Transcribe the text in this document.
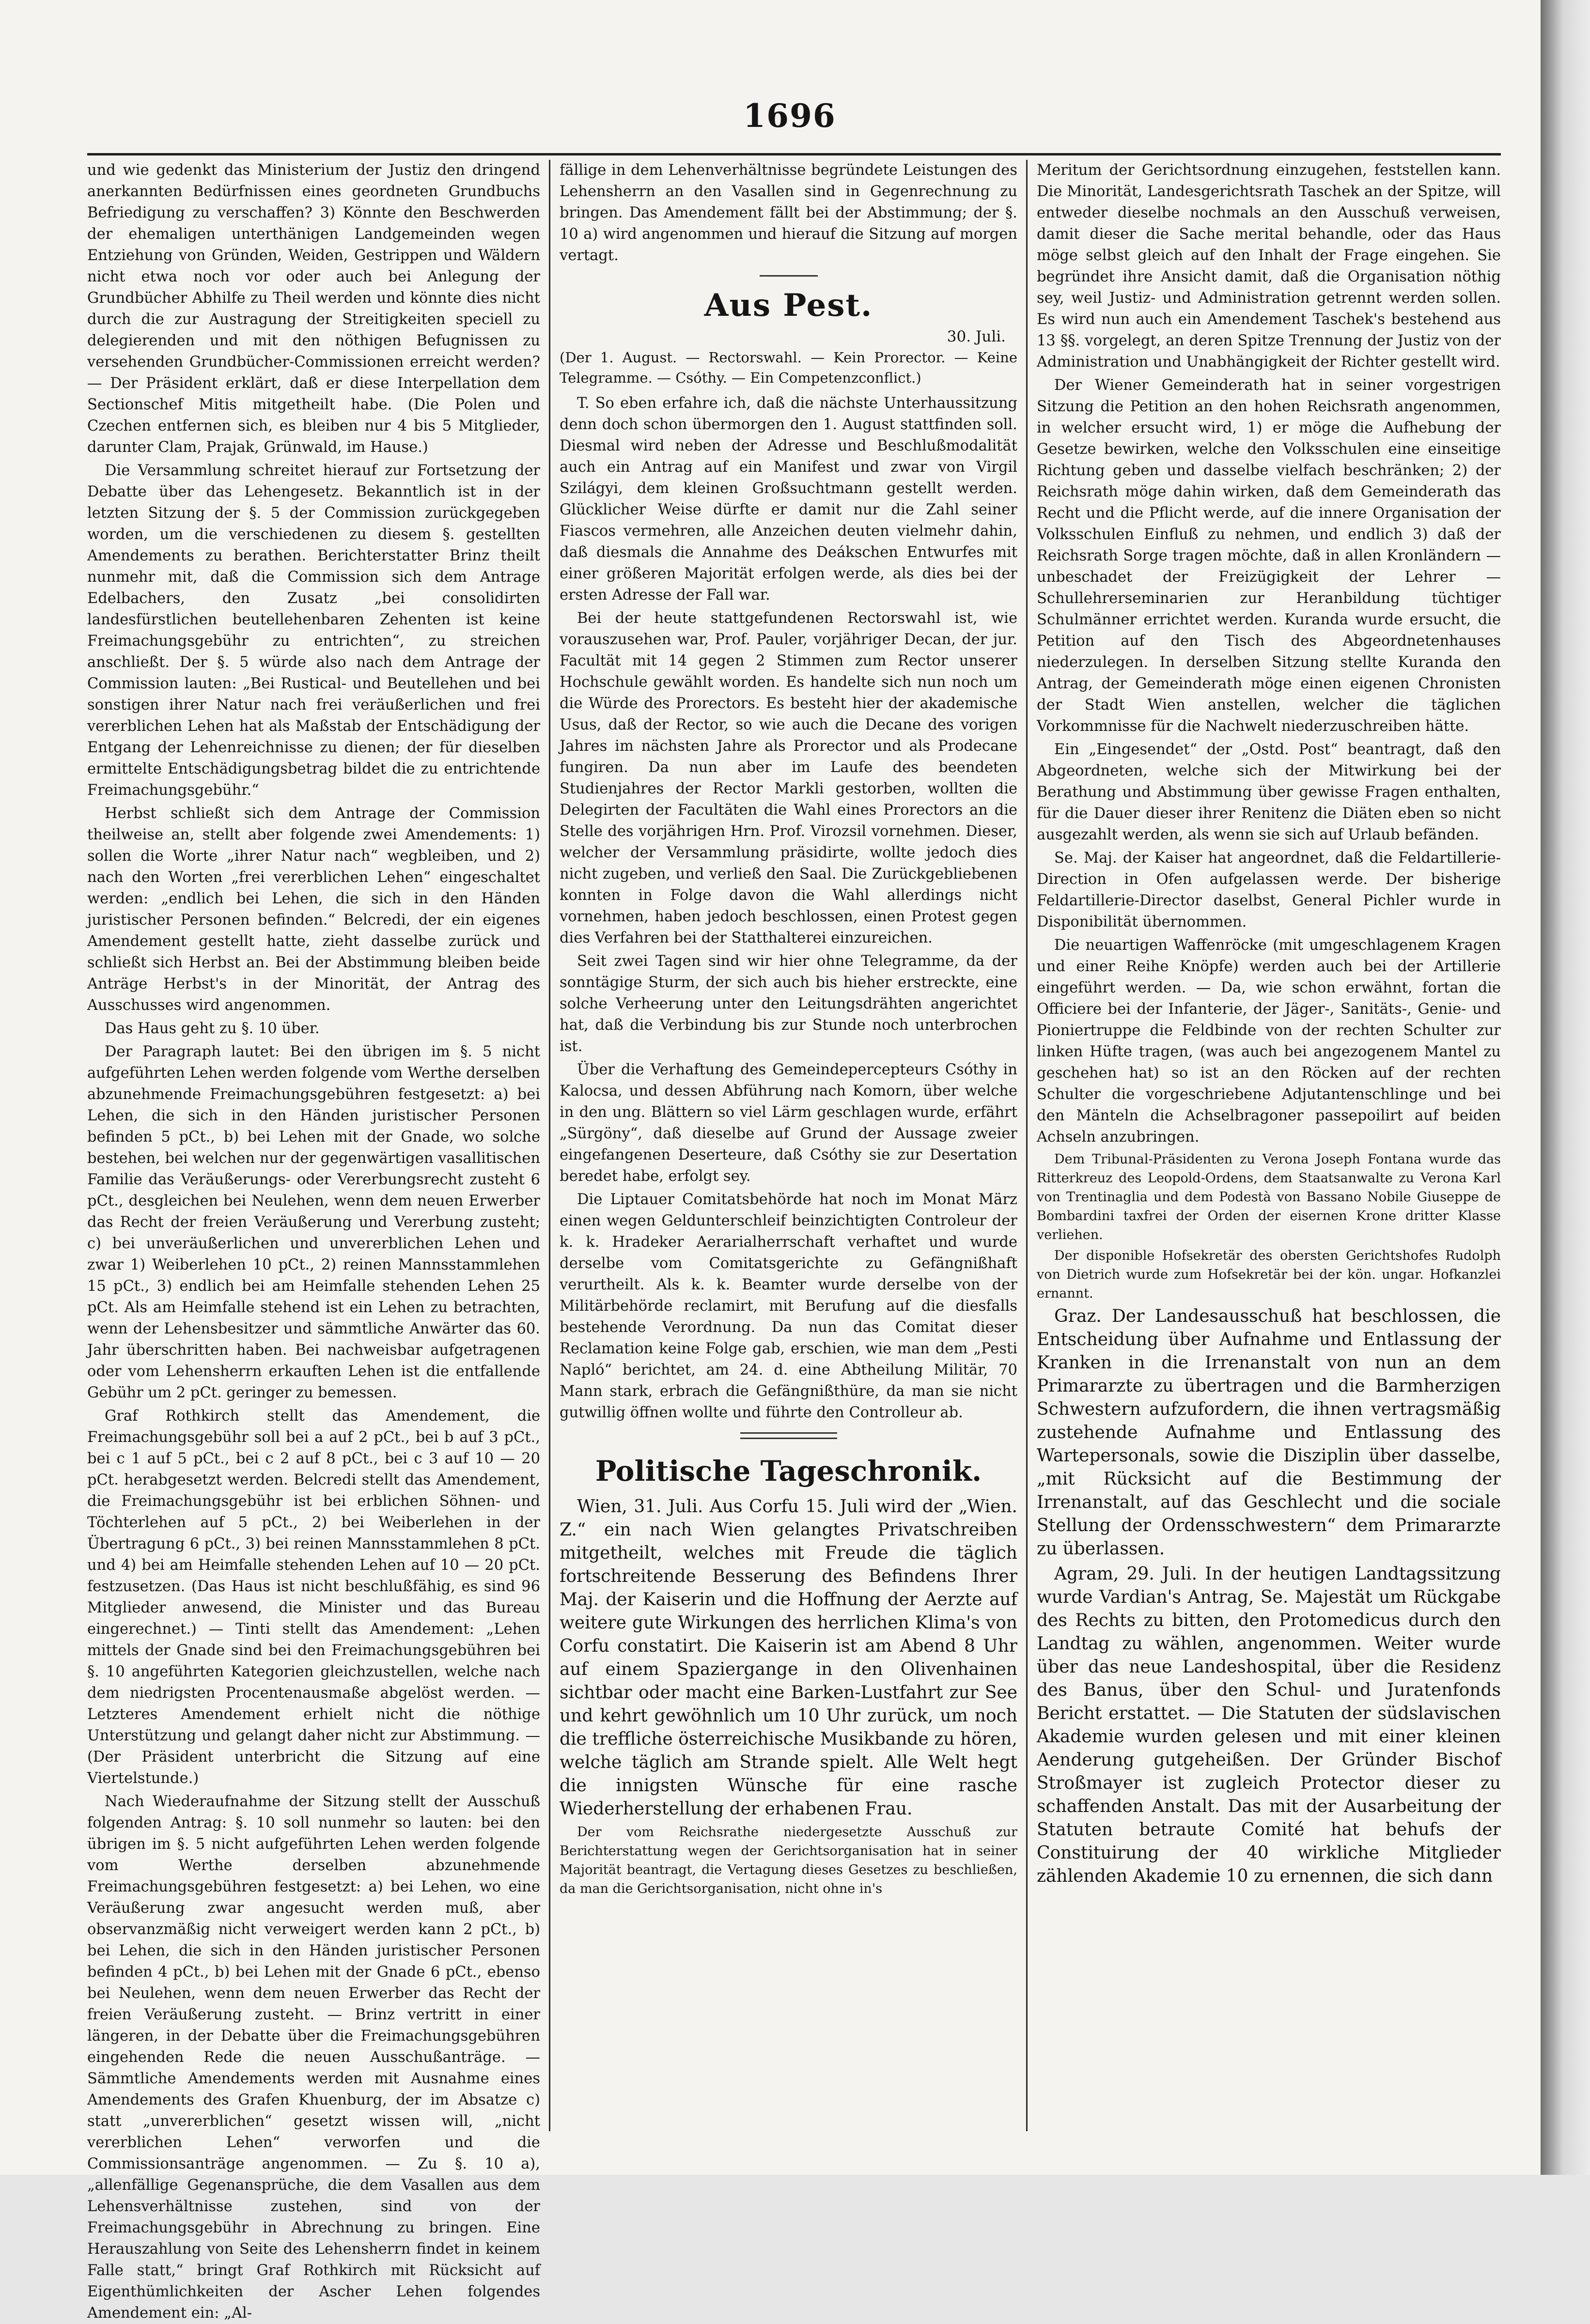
1696

und wie gedenkt das Ministerium der Justiz den dringend anerkannten Bedürfnissen eines geordneten Grundbuchs Befriedigung zu verschaffen? 3) Könnte den Beschwerden der ehemaligen unterthänigen Landgemeinden wegen Entziehung von Gründen, Weiden, Gestrippen und Wäldern nicht etwa noch vor oder auch bei Anlegung der Grundbücher Abhilfe zu Theil werden und könnte dies nicht durch die zur Austragung der Streitigkeiten speciell zu delegierenden und mit den nöthigen Befugnissen zu versehenden Grundbücher-Commissionen erreicht werden? — Der Präsident erklärt, daß er diese Interpellation dem Sectionschef Mitis mitgetheilt habe. (Die Polen und Czechen entfernen sich, es bleiben nur 4 bis 5 Mitglieder, darunter Clam, Prajak, Grünwald, im Hause.)

Die Versammlung schreitet hierauf zur Fortsetzung der Debatte über das Lehengesetz. Bekanntlich ist in der letzten Sitzung der §. 5 der Commission zurückgegeben worden, um die verschiedenen zu diesem §. gestellten Amendements zu berathen. Berichterstatter Brinz theilt nunmehr mit, daß die Commission sich dem Antrage Edelbachers, den Zusatz „bei consolidirten landesfürstlichen beutellehenbaren Zehenten ist keine Freimachungsgebühr zu entrichten“, zu streichen anschließt. Der §. 5 würde also nach dem Antrage der Commission lauten: „Bei Rustical- und Beutellehen und bei sonstigen ihrer Natur nach frei veräußerlichen und frei vererblichen Lehen hat als Maßstab der Entschädigung der Entgang der Lehenreichnisse zu dienen; der für dieselben ermittelte Entschädigungsbetrag bildet die zu entrichtende Freimachungsgebühr.“

Herbst schließt sich dem Antrage der Commission theilweise an, stellt aber folgende zwei Amendements: 1) sollen die Worte „ihrer Natur nach“ wegbleiben, und 2) nach den Worten „frei vererblichen Lehen“ eingeschaltet werden: „endlich bei Lehen, die sich in den Händen juristischer Personen befinden.“ Belcredi, der ein eigenes Amendement gestellt hatte, zieht dasselbe zurück und schließt sich Herbst an. Bei der Abstimmung bleiben beide Anträge Herbst's in der Minorität, der Antrag des Ausschusses wird angenommen.

Das Haus geht zu §. 10 über.

Der Paragraph lautet: Bei den übrigen im §. 5 nicht aufgeführten Lehen werden folgende vom Werthe derselben abzunehmende Freimachungsgebühren festgesetzt: a) bei Lehen, die sich in den Händen juristischer Personen befinden 5 pCt., b) bei Lehen mit der Gnade, wo solche bestehen, bei welchen nur der gegenwärtigen vasallitischen Familie das Veräußerungs- oder Vererbungsrecht zusteht 6 pCt., desgleichen bei Neulehen, wenn dem neuen Erwerber das Recht der freien Veräußerung und Vererbung zusteht; c) bei unveräußerlichen und unvererblichen Lehen und zwar 1) Weiberlehen 10 pCt., 2) reinen Mannsstammlehen 15 pCt., 3) endlich bei am Heimfalle stehenden Lehen 25 pCt. Als am Heimfalle stehend ist ein Lehen zu betrachten, wenn der Lehensbesitzer und sämmtliche Anwärter das 60. Jahr überschritten haben. Bei nachweisbar aufgetragenen oder vom Lehensherrn erkauften Lehen ist die entfallende Gebühr um 2 pCt. geringer zu bemessen.

Graf Rothkirch stellt das Amendement, die Freimachungsgebühr soll bei a auf 2 pCt., bei b auf 3 pCt., bei c 1 auf 5 pCt., bei c 2 auf 8 pCt., bei c 3 auf 10 — 20 pCt. herabgesetzt werden. Belcredi stellt das Amendement, die Freimachungsgebühr ist bei erblichen Söhnen- und Töchterlehen auf 5 pCt., 2) bei Weiberlehen in der Übertragung 6 pCt., 3) bei reinen Mannsstammlehen 8 pCt. und 4) bei am Heimfalle stehenden Lehen auf 10 — 20 pCt. festzusetzen. (Das Haus ist nicht beschlußfähig, es sind 96 Mitglieder anwesend, die Minister und das Bureau eingerechnet.) — Tinti stellt das Amendement: „Lehen mittels der Gnade sind bei den Freimachungsgebühren bei §. 10 angeführten Kategorien gleichzustellen, welche nach dem niedrigsten Procentenausmaße abgelöst werden. — Letzteres Amendement erhielt nicht die nöthige Unterstützung und gelangt daher nicht zur Abstimmung. — (Der Präsident unterbricht die Sitzung auf eine Viertelstunde.)

Nach Wiederaufnahme der Sitzung stellt der Ausschuß folgenden Antrag: §. 10 soll nunmehr so lauten: bei den übrigen im §. 5 nicht aufgeführten Lehen werden folgende vom Werthe derselben abzunehmende Freimachungsgebühren festgesetzt: a) bei Lehen, wo eine Veräußerung zwar angesucht werden muß, aber observanzmäßig nicht verweigert werden kann 2 pCt., b) bei Lehen, die sich in den Händen juristischer Personen befinden 4 pCt., b) bei Lehen mit der Gnade 6 pCt., ebenso bei Neulehen, wenn dem neuen Erwerber das Recht der freien Veräußerung zusteht. — Brinz vertritt in einer längeren, in der Debatte über die Freimachungsgebühren eingehenden Rede die neuen Ausschußanträge. — Sämmtliche Amendements werden mit Ausnahme eines Amendements des Grafen Khuenburg, der im Absatze c) statt „unvererblichen“ gesetzt wissen will, „nicht vererblichen Lehen“ verworfen und die Commissionsanträge angenommen. — Zu §. 10 a), „allenfällige Gegenansprüche, die dem Vasallen aus dem Lehensverhältnisse zustehen, sind von der Freimachungsgebühr in Abrechnung zu bringen. Eine Herauszahlung von Seite des Lehensherrn findet in keinem Falle statt,“ bringt Graf Rothkirch mit Rücksicht auf Eigenthümlichkeiten der Ascher Lehen folgendes Amendement ein: „Al-

fällige in dem Lehenverhältnisse begründete Leistungen des Lehensherrn an den Vasallen sind in Gegenrechnung zu bringen. Das Amendement fällt bei der Abstimmung; der §. 10 a) wird angenommen und hierauf die Sitzung auf morgen vertagt.

Aus Pest.
30. Juli.
(Der 1. August. — Rectorswahl. — Kein Prorector. — Keine Telegramme. — Csóthy. — Ein Competenzconflict.)

T. So eben erfahre ich, daß die nächste Unterhaussitzung denn doch schon übermorgen den 1. August stattfinden soll. Diesmal wird neben der Adresse und Beschlußmodalität auch ein Antrag auf ein Manifest und zwar von Virgil Szilágyi, dem kleinen Großsuchtmann gestellt werden. Glücklicher Weise dürfte er damit nur die Zahl seiner Fiascos vermehren, alle Anzeichen deuten vielmehr dahin, daß diesmals die Annahme des Deákschen Entwurfes mit einer größeren Majorität erfolgen werde, als dies bei der ersten Adresse der Fall war.

Bei der heute stattgefundenen Rectorswahl ist, wie vorauszusehen war, Prof. Pauler, vorjähriger Decan, der jur. Facultät mit 14 gegen 2 Stimmen zum Rector unserer Hochschule gewählt worden. Es handelte sich nun noch um die Würde des Prorectors. Es besteht hier der akademische Usus, daß der Rector, so wie auch die Decane des vorigen Jahres im nächsten Jahre als Prorector und als Prodecane fungiren. Da nun aber im Laufe des beendeten Studienjahres der Rector Markli gestorben, wollten die Delegirten der Facultäten die Wahl eines Prorectors an die Stelle des vorjährigen Hrn. Prof. Virozsil vornehmen. Dieser, welcher der Versammlung präsidirte, wollte jedoch dies nicht zugeben, und verließ den Saal. Die Zurückgebliebenen konnten in Folge davon die Wahl allerdings nicht vornehmen, haben jedoch beschlossen, einen Protest gegen dies Verfahren bei der Statthalterei einzureichen.

Seit zwei Tagen sind wir hier ohne Telegramme, da der sonntägige Sturm, der sich auch bis hieher erstreckte, eine solche Verheerung unter den Leitungsdrähten angerichtet hat, daß die Verbindung bis zur Stunde noch unterbrochen ist.

Über die Verhaftung des Gemeindepercepteurs Csóthy in Kalocsa, und dessen Abführung nach Komorn, über welche in den ung. Blättern so viel Lärm geschlagen wurde, erfährt „Sürgöny“, daß dieselbe auf Grund der Aussage zweier eingefangenen Deserteure, daß Csóthy sie zur Desertation beredet habe, erfolgt sey.

Die Liptauer Comitatsbehörde hat noch im Monat März einen wegen Geldunterschleif beinzichtigten Controleur der k. k. Hradeker Aerarialherrschaft verhaftet und wurde derselbe vom Comitatsgerichte zu Gefängnißhaft verurtheilt. Als k. k. Beamter wurde derselbe von der Militärbehörde reclamirt, mit Berufung auf die diesfalls bestehende Verordnung. Da nun das Comitat dieser Reclamation keine Folge gab, erschien, wie man dem „Pesti Napló“ berichtet, am 24. d. eine Abtheilung Militär, 70 Mann stark, erbrach die Gefängnißthüre, da man sie nicht gutwillig öffnen wollte und führte den Controlleur ab.

Politische Tageschronik.

Wien, 31. Juli. Aus Corfu 15. Juli wird der „Wien. Z.“ ein nach Wien gelangtes Privatschreiben mitgetheilt, welches mit Freude die täglich fortschreitende Besserung des Befindens Ihrer Maj. der Kaiserin und die Hoffnung der Aerzte auf weitere gute Wirkungen des herrlichen Klima's von Corfu constatirt. Die Kaiserin ist am Abend 8 Uhr auf einem Spaziergange in den Olivenhainen sichtbar oder macht eine Barken-Lustfahrt zur See und kehrt gewöhnlich um 10 Uhr zurück, um noch die treffliche österreichische Musikbande zu hören, welche täglich am Strande spielt. Alle Welt hegt die innigsten Wünsche für eine rasche Wiederherstellung der erhabenen Frau.

Der vom Reichsrathe niedergesetzte Ausschuß zur Berichterstattung wegen der Gerichtsorganisation hat in seiner Majorität beantragt, die Vertagung dieses Gesetzes zu beschließen, da man die Gerichtsorganisation, nicht ohne in's

Meritum der Gerichtsordnung einzugehen, feststellen kann. Die Minorität, Landesgerichtsrath Taschek an der Spitze, will entweder dieselbe nochmals an den Ausschuß verweisen, damit dieser die Sache merital behandle, oder das Haus möge selbst gleich auf den Inhalt der Frage eingehen. Sie begründet ihre Ansicht damit, daß die Organisation nöthig sey, weil Justiz- und Administration getrennt werden sollen. Es wird nun auch ein Amendement Taschek's bestehend aus 13 §§. vorgelegt, an deren Spitze Trennung der Justiz von der Administration und Unabhängigkeit der Richter gestellt wird.

Der Wiener Gemeinderath hat in seiner vorgestrigen Sitzung die Petition an den hohen Reichsrath angenommen, in welcher ersucht wird, 1) er möge die Aufhebung der Gesetze bewirken, welche den Volksschulen eine einseitige Richtung geben und dasselbe vielfach beschränken; 2) der Reichsrath möge dahin wirken, daß dem Gemeinderath das Recht und die Pflicht werde, auf die innere Organisation der Volksschulen Einfluß zu nehmen, und endlich 3) daß der Reichsrath Sorge tragen möchte, daß in allen Kronländern — unbeschadet der Freizügigkeit der Lehrer — Schullehrerseminarien zur Heranbildung tüchtiger Schulmänner errichtet werden. Kuranda wurde ersucht, die Petition auf den Tisch des Abgeordnetenhauses niederzulegen. In derselben Sitzung stellte Kuranda den Antrag, der Gemeinderath möge einen eigenen Chronisten der Stadt Wien anstellen, welcher die täglichen Vorkommnisse für die Nachwelt niederzuschreiben hätte.

Ein „Eingesendet“ der „Ostd. Post“ beantragt, daß den Abgeordneten, welche sich der Mitwirkung bei der Berathung und Abstimmung über gewisse Fragen enthalten, für die Dauer dieser ihrer Renitenz die Diäten eben so nicht ausgezahlt werden, als wenn sie sich auf Urlaub befänden.

Se. Maj. der Kaiser hat angeordnet, daß die Feldartillerie-Direction in Ofen aufgelassen werde. Der bisherige Feldartillerie-Director daselbst, General Pichler wurde in Disponibilität übernommen.

Die neuartigen Waffenröcke (mit umgeschlagenem Kragen und einer Reihe Knöpfe) werden auch bei der Artillerie eingeführt werden. — Da, wie schon erwähnt, fortan die Officiere bei der Infanterie, der Jäger-, Sanitäts-, Genie- und Pioniertruppe die Feldbinde von der rechten Schulter zur linken Hüfte tragen, (was auch bei angezogenem Mantel zu geschehen hat) so ist an den Röcken auf der rechten Schulter die vorgeschriebene Adjutantenschlinge und bei den Mänteln die Achselbragoner passepoilirt auf beiden Achseln anzubringen.

Dem Tribunal-Präsidenten zu Verona Joseph Fontana wurde das Ritterkreuz des Leopold-Ordens, dem Staatsanwalte zu Verona Karl von Trentinaglia und dem Podestà von Bassano Nobile Giuseppe de Bombardini taxfrei der Orden der eisernen Krone dritter Klasse verliehen.

Der disponible Hofsekretär des obersten Gerichtshofes Rudolph von Dietrich wurde zum Hofsekretär bei der kön. ungar. Hofkanzlei ernannt.

Graz. Der Landesausschuß hat beschlossen, die Entscheidung über Aufnahme und Entlassung der Kranken in die Irrenanstalt von nun an dem Primararzte zu übertragen und die Barmherzigen Schwestern aufzufordern, die ihnen vertragsmäßig zustehende Aufnahme und Entlassung des Wartepersonals, sowie die Disziplin über dasselbe, „mit Rücksicht auf die Bestimmung der Irrenanstalt, auf das Geschlecht und die sociale Stellung der Ordensschwestern“ dem Primararzte zu überlassen.

Agram, 29. Juli. In der heutigen Landtagssitzung wurde Vardian's Antrag, Se. Majestät um Rückgabe des Rechts zu bitten, den Protomedicus durch den Landtag zu wählen, angenommen. Weiter wurde über das neue Landeshospital, über die Residenz des Banus, über den Schul- und Juratenfonds Bericht erstattet. — Die Statuten der südslavischen Akademie wurden gelesen und mit einer kleinen Aenderung gutgeheißen. Der Gründer Bischof Stroßmayer ist zugleich Protector dieser zu schaffenden Anstalt. Das mit der Ausarbeitung der Statuten betraute Comité hat behufs der Constituirung der 40 wirkliche Mitglieder zählenden Akademie 10 zu ernennen, die sich dann
